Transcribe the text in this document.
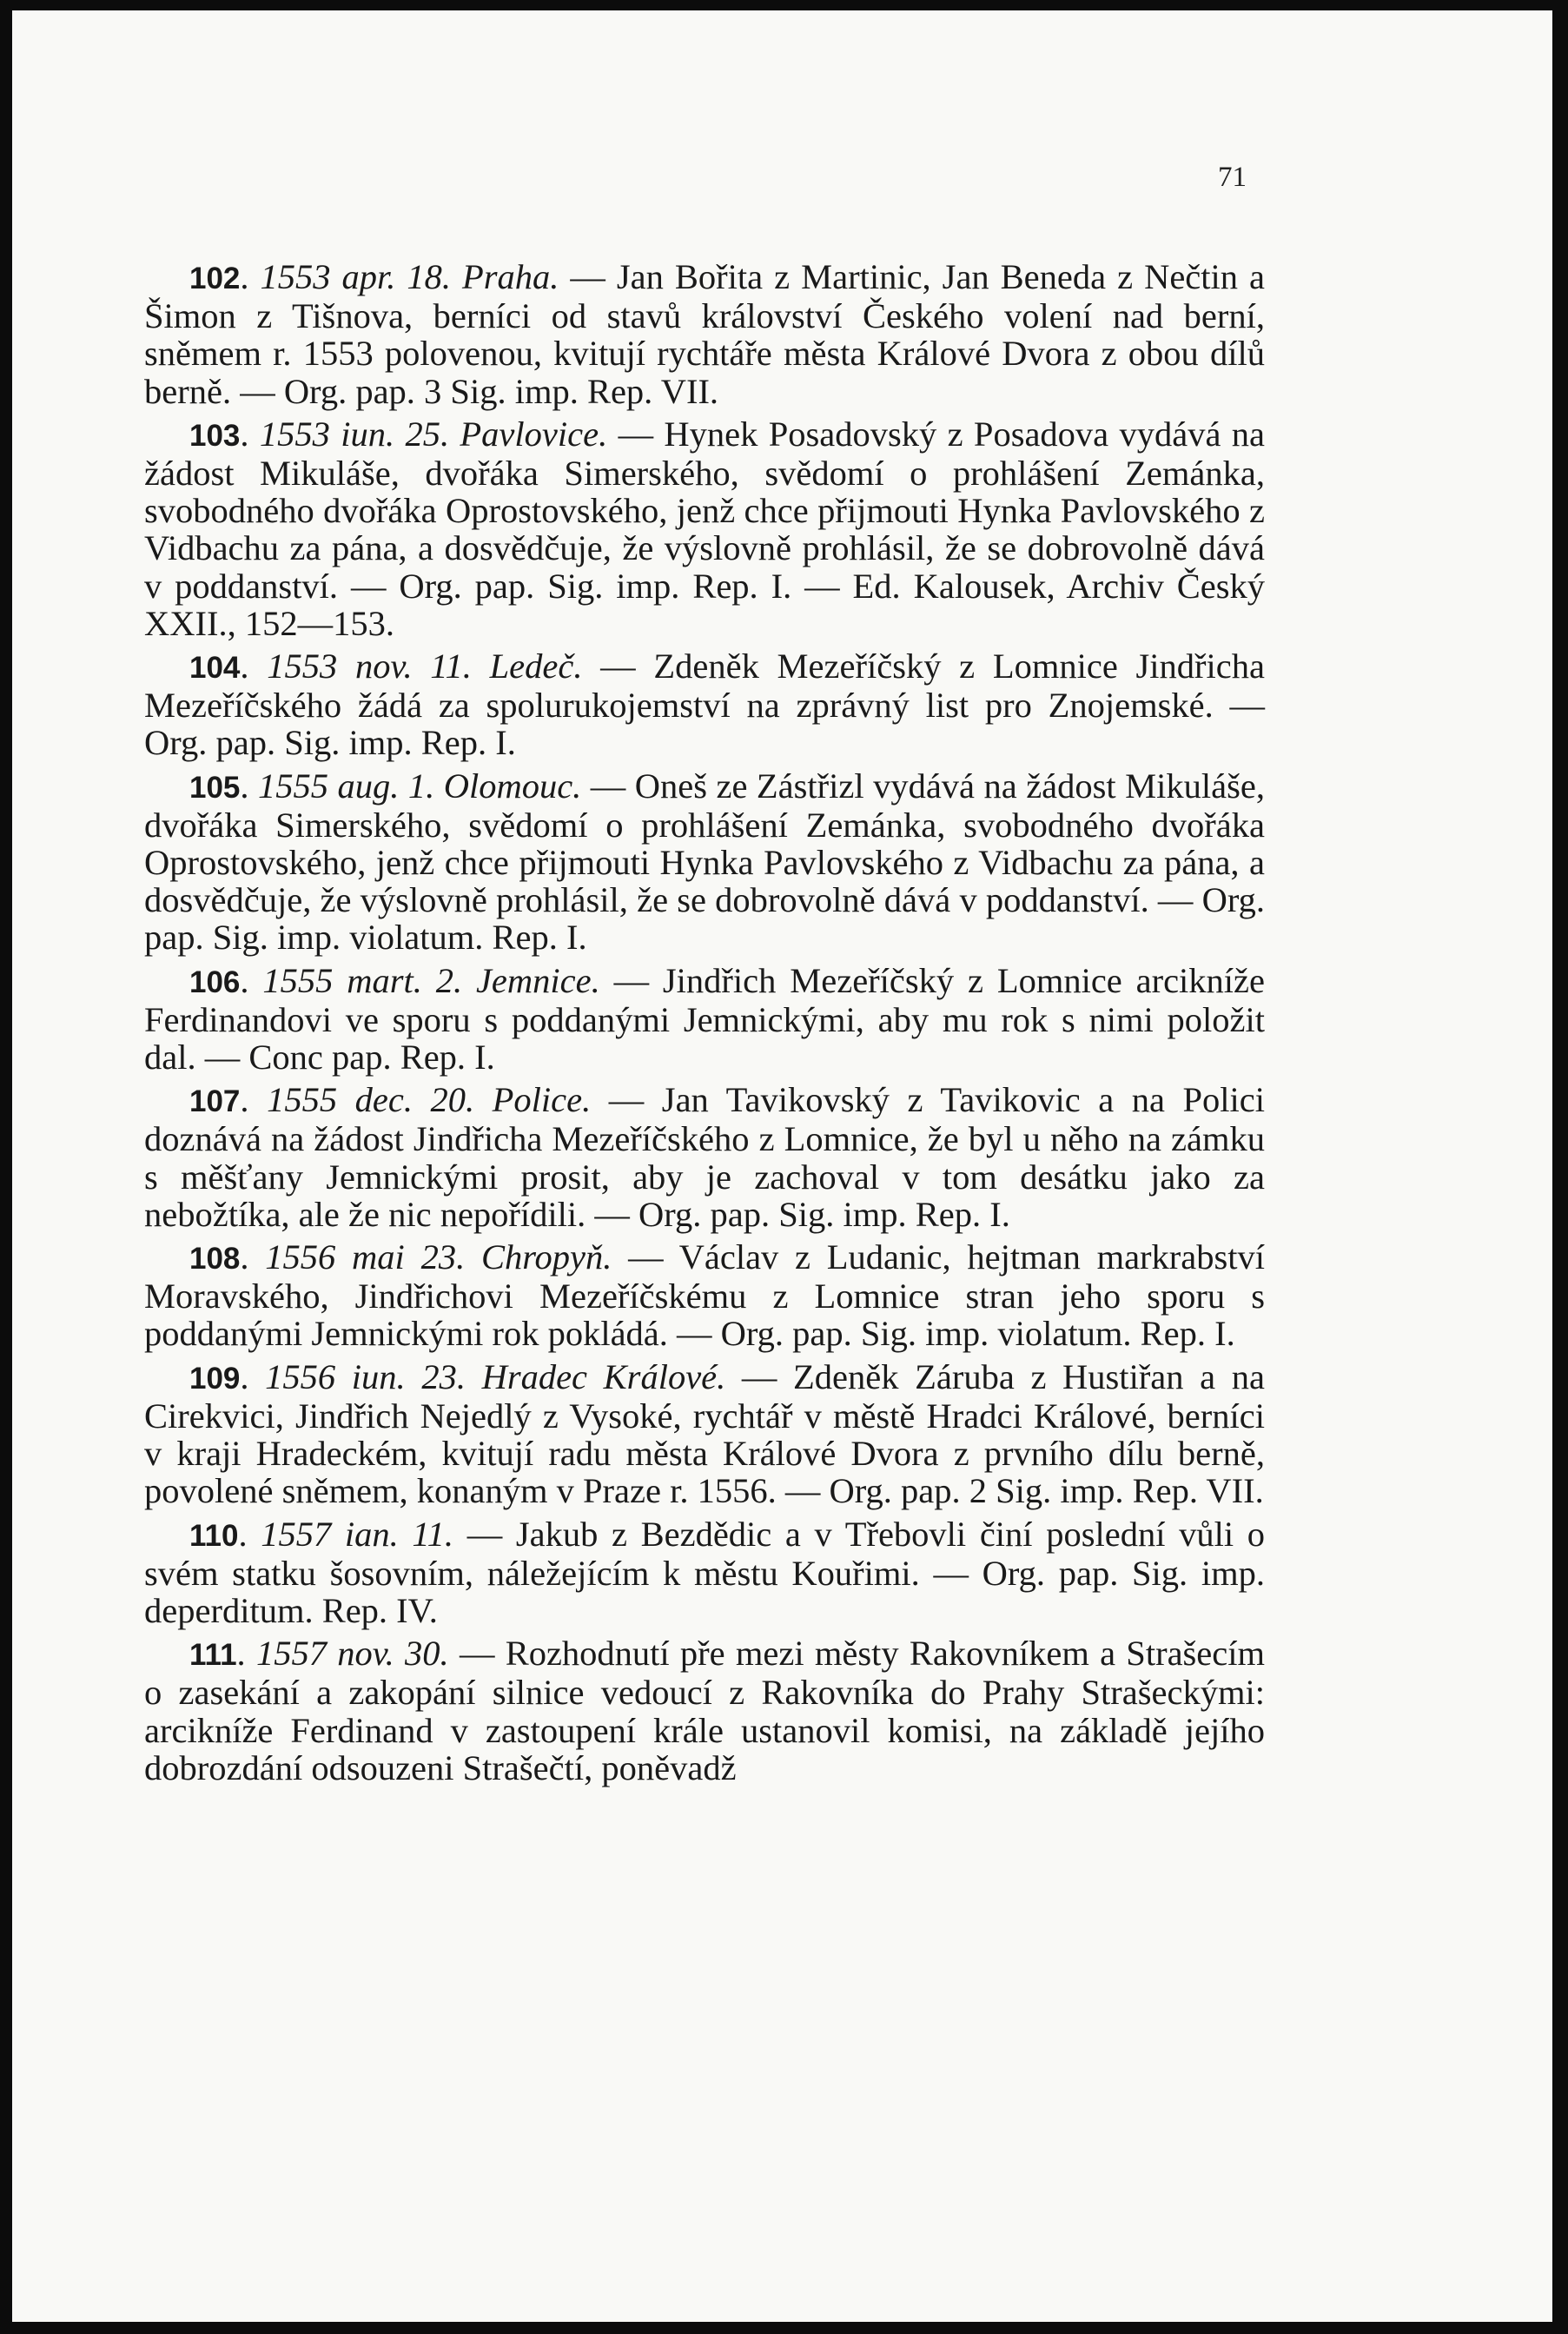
71

102. 1553 apr. 18. Praha. — Jan Bořita z Martinic, Jan Beneda z Nečtin a Šimon z Tišnova, berníci od stavů království Českého volení nad berní, sněmem r. 1553 polovenou, kvitují rychtáře města Králové Dvora z obou dílů berně. — Org. pap. 3 Sig. imp. Rep. VII.

103. 1553 iun. 25. Pavlovice. — Hynek Posadovský z Posadova vydává na žádost Mikuláše, dvořáka Simerského, svědomí o prohlášení Zemánka, svobodného dvořáka Oprostovského, jenž chce přijmouti Hynka Pavlovského z Vidbachu za pána, a dosvědčuje, že výslovně prohlásil, že se dobrovolně dává v poddanství. — Org. pap. Sig. imp. Rep. I. — Ed. Kalousek, Archiv Český XXII., 152—153.

104. 1553 nov. 11. Ledeč. — Zdeněk Mezeříčský z Lomnice Jindřicha Mezeříčského žádá za spolurukojemství na zprávný list pro Znojemské. — Org. pap. Sig. imp. Rep. I.

105. 1555 aug. 1. Olomouc. — Oneš ze Zástřizl vydává na žádost Mikuláše, dvořáka Simerského, svědomí o prohlášení Zemánka, svobodného dvořáka Oprostovského, jenž chce přijmouti Hynka Pavlovského z Vidbachu za pána, a dosvědčuje, že výslovně prohlásil, že se dobrovolně dává v poddanství. — Org. pap. Sig. imp. violatum. Rep. I.

106. 1555 mart. 2. Jemnice. — Jindřich Mezeříčský z Lomnice arcikníže Ferdinandovi ve sporu s poddanými Jemnickými, aby mu rok s nimi položit dal. — Conc pap. Rep. I.

107. 1555 dec. 20. Police. — Jan Tavikovský z Tavikovic a na Polici doznává na žádost Jindřicha Mezeříčského z Lomnice, že byl u něho na zámku s měšťany Jemnickými prosit, aby je zachoval v tom desátku jako za nebožtíka, ale že nic nepořídili. — Org. pap. Sig. imp. Rep. I.

108. 1556 mai 23. Chropyň. — Václav z Ludanic, hejtman markrabství Moravského, Jindřichovi Mezeříčskému z Lomnice stran jeho sporu s poddanými Jemnickými rok pokládá. — Org. pap. Sig. imp. violatum. Rep. I.

109. 1556 iun. 23. Hradec Králové. — Zdeněk Záruba z Hustiřan a na Cirekvici, Jindřich Nejedlý z Vysoké, rychtář v městě Hradci Králové, berníci v kraji Hradeckém, kvitují radu města Králové Dvora z prvního dílu berně, povolené sněmem, konaným v Praze r. 1556. — Org. pap. 2 Sig. imp. Rep. VII.

110. 1557 ian. 11. — Jakub z Bezdědic a v Třebovli činí poslední vůli o svém statku šosovním, náležejícím k městu Kouřimi. — Org. pap. Sig. imp. deperditum. Rep. IV.

111. 1557 nov. 30. — Rozhodnutí pře mezi městy Rakovníkem a Strašecím o zasekání a zakopání silnice vedoucí z Rakovníka do Prahy Strašeckými: arcikníže Ferdinand v zastoupení krále ustanovil komisi, na základě jejího dobrozdání odsouzeni Strašečtí, poněvadž
